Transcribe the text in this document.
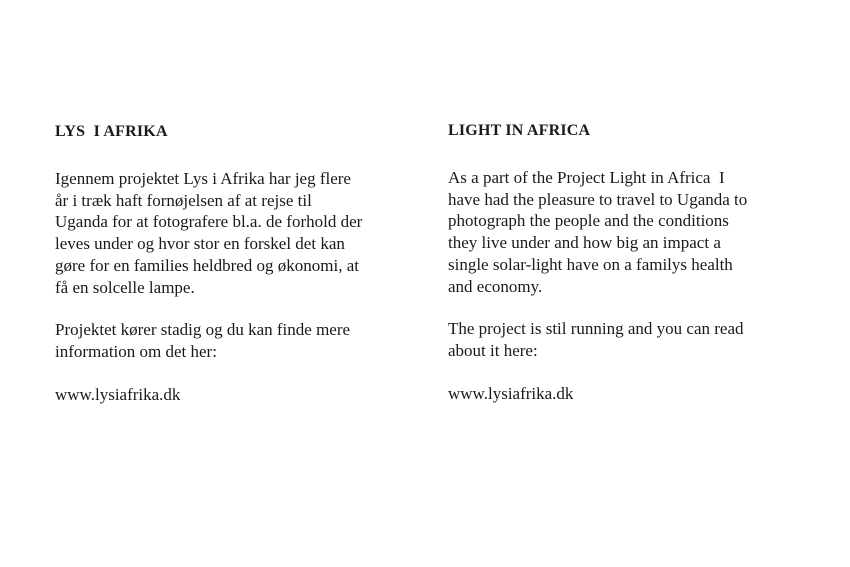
LYS  I AFRIKA

Igennem projektet Lys i Afrika har jeg flere
år i træk haft fornøjelsen af at rejse til
Uganda for at fotografere bl.a. de forhold der
leves under og hvor stor en forskel det kan
gøre for en families heldbred og økonomi, at
få en solcelle lampe.

Projektet kører stadig og du kan finde mere
information om det her:

www.lysiafrika.dk
LIGHT IN AFRICA

As a part of the Project Light in Africa  I
have had the pleasure to travel to Uganda to
photograph the people and the conditions
they live under and how big an impact a
single solar-light have on a familys health
and economy.

The project is stil running and you can read
about it here:

www.lysiafrika.dk
